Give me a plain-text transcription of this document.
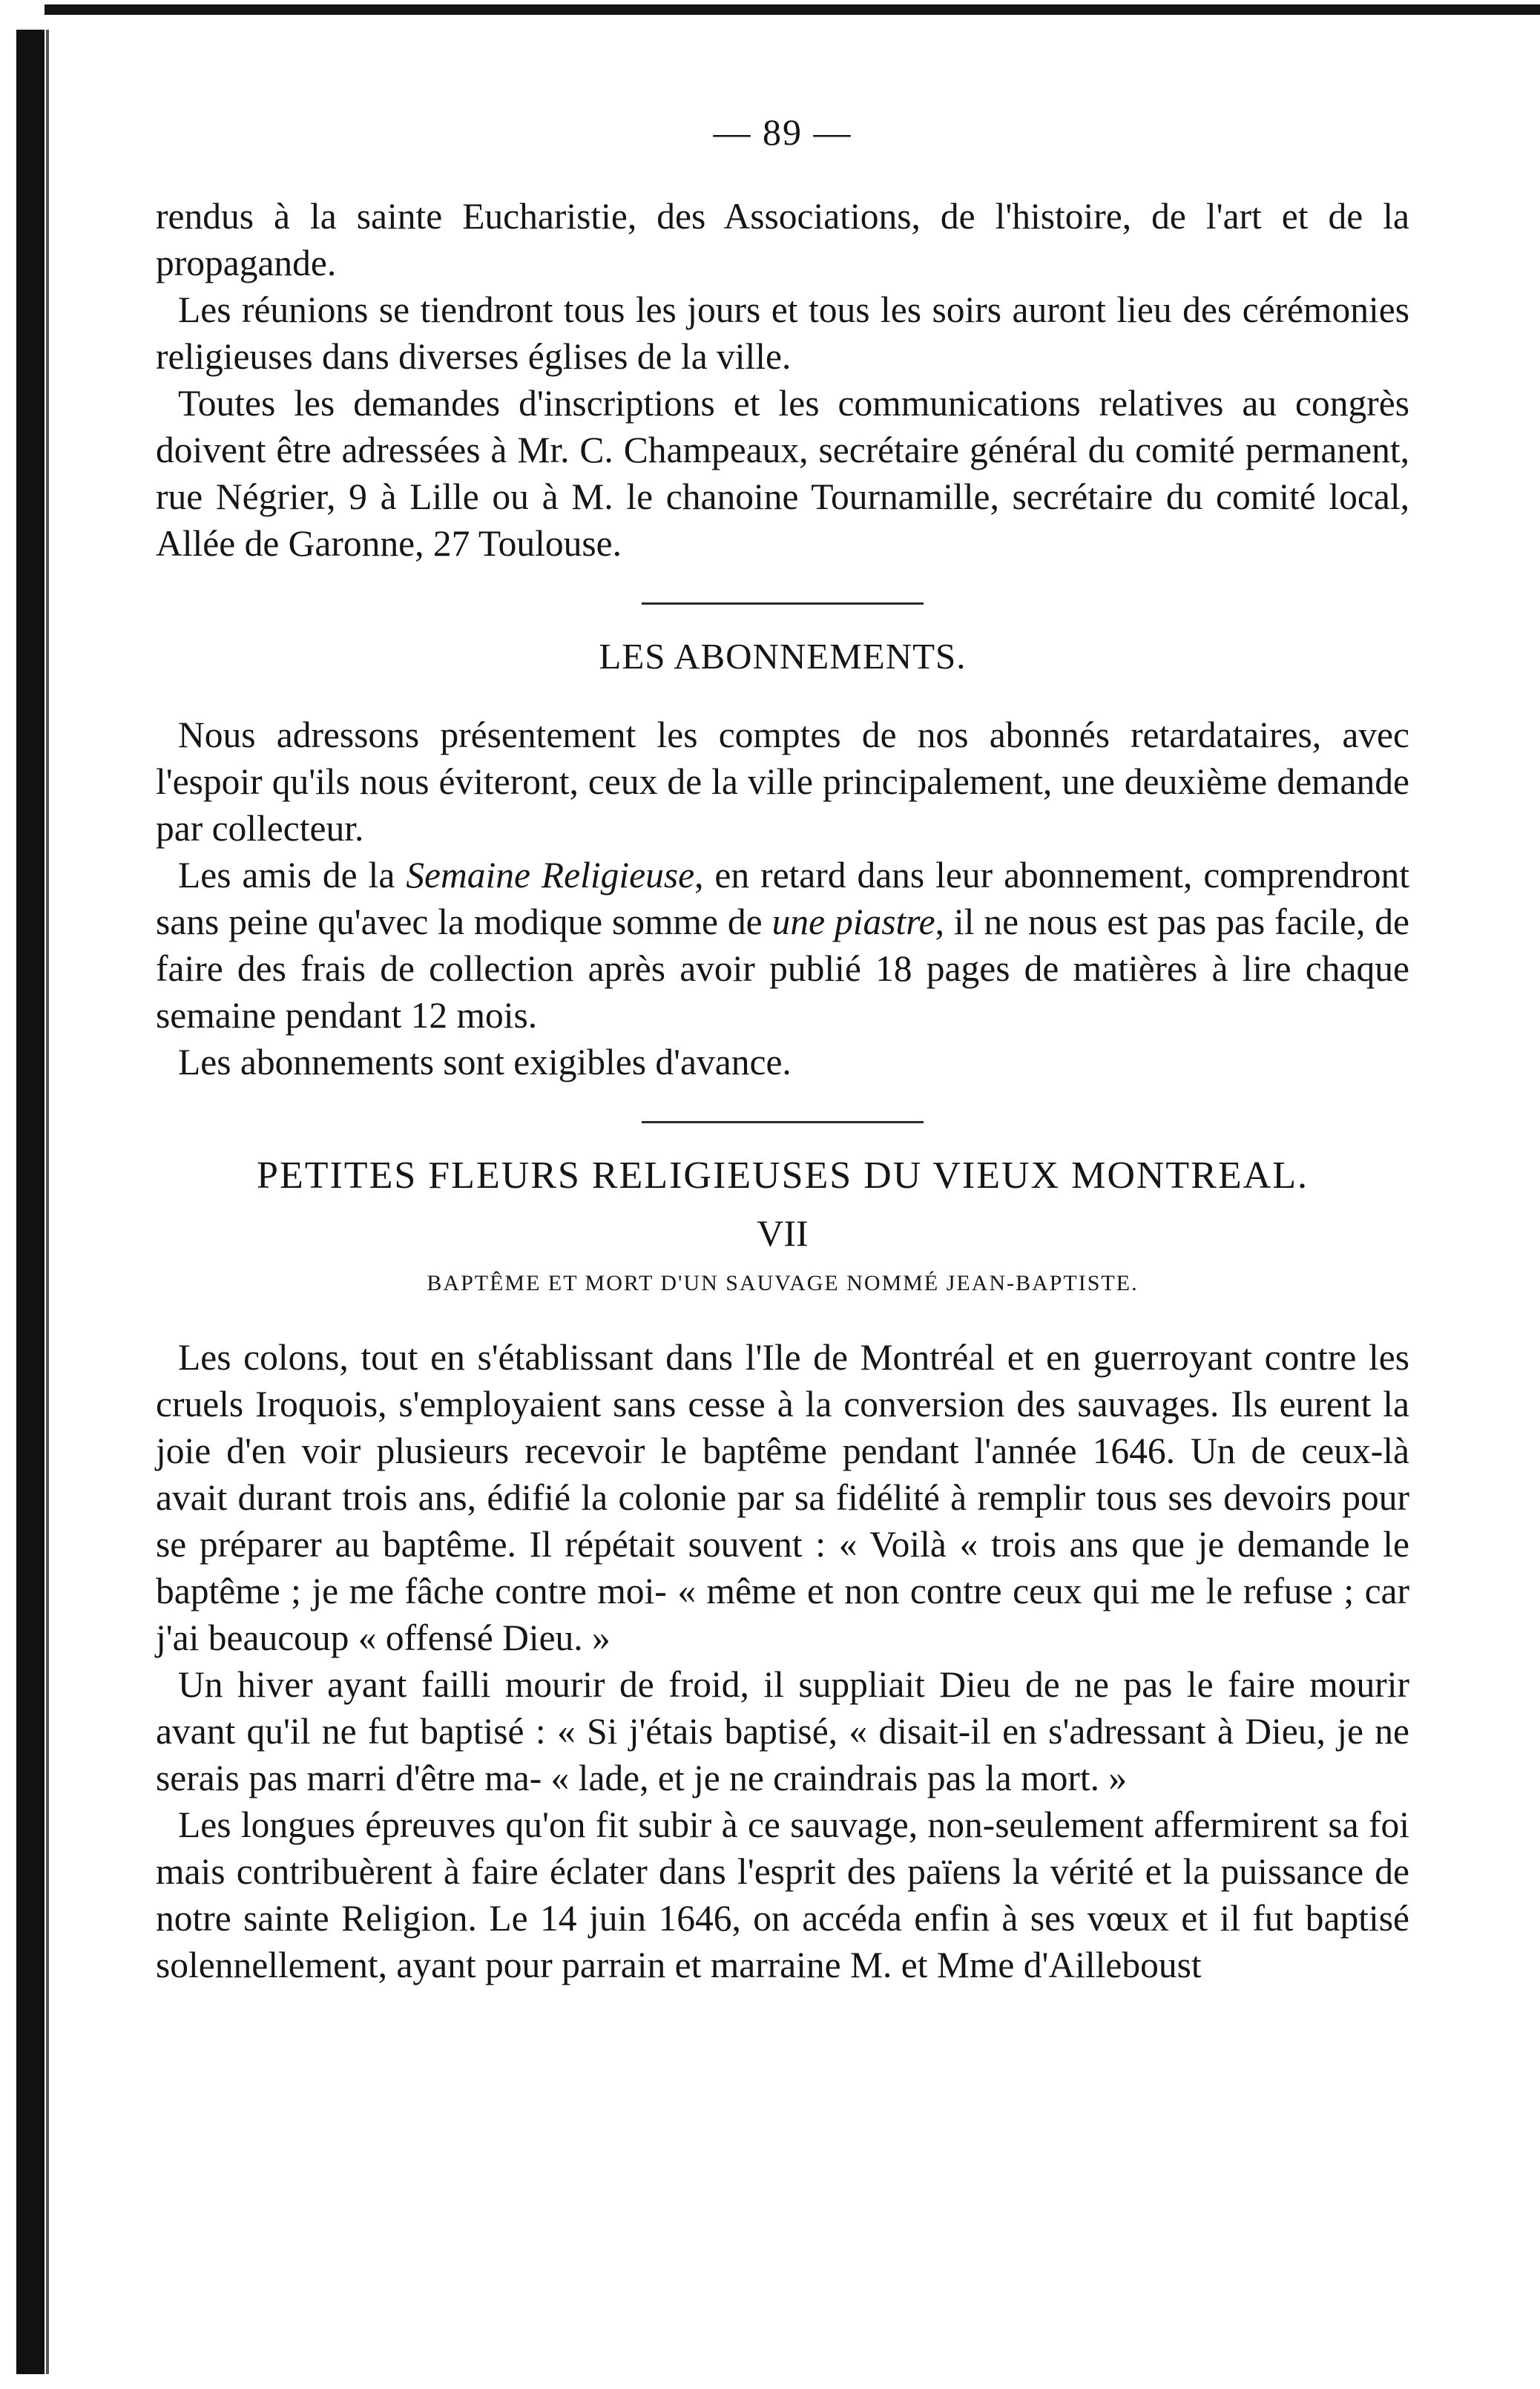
— 89 —

rendus à la sainte Eucharistie, des Associations, de l'histoire, de l'art et de la propagande.

Les réunions se tiendront tous les jours et tous les soirs auront lieu des cérémonies religieuses dans diverses églises de la ville.

Toutes les demandes d'inscriptions et les communications relatives au congrès doivent être adressées à Mr. C. Champeaux, secrétaire général du comité permanent, rue Négrier, 9 à Lille ou à M. le chanoine Tournamille, secrétaire du comité local, Allée de Garonne, 27 Toulouse.

LES ABONNEMENTS.

Nous adressons présentement les comptes de nos abonnés retardataires, avec l'espoir qu'ils nous éviteront, ceux de la ville principalement, une deuxième demande par collecteur.

Les amis de la Semaine Religieuse, en retard dans leur abonnement, comprendront sans peine qu'avec la modique somme de une piastre, il ne nous est pas pas facile, de faire des frais de collection après avoir publié 18 pages de matières à lire chaque semaine pendant 12 mois.

Les abonnements sont exigibles d'avance.

PETITES FLEURS RELIGIEUSES DU VIEUX MONTREAL.
VII
BAPTÊME ET MORT D'UN SAUVAGE NOMMÉ JEAN-BAPTISTE.

Les colons, tout en s'établissant dans l'Ile de Montréal et en guerroyant contre les cruels Iroquois, s'employaient sans cesse à la conversion des sauvages. Ils eurent la joie d'en voir plusieurs recevoir le baptême pendant l'année 1646. Un de ceux-là avait durant trois ans, édifié la colonie par sa fidélité à remplir tous ses devoirs pour se préparer au baptême. Il répétait souvent : « Voilà « trois ans que je demande le baptême ; je me fâche contre moi- « même et non contre ceux qui me le refuse ; car j'ai beaucoup « offensé Dieu. »

Un hiver ayant failli mourir de froid, il suppliait Dieu de ne pas le faire mourir avant qu'il ne fut baptisé : « Si j'étais baptisé, « disait-il en s'adressant à Dieu, je ne serais pas marri d'être ma- « lade, et je ne craindrais pas la mort. »

Les longues épreuves qu'on fit subir à ce sauvage, non-seulement affermirent sa foi mais contribuèrent à faire éclater dans l'esprit des païens la vérité et la puissance de notre sainte Religion. Le 14 juin 1646, on accéda enfin à ses vœux et il fut baptisé solennellement, ayant pour parrain et marraine M. et Mme d'Ailleboust
